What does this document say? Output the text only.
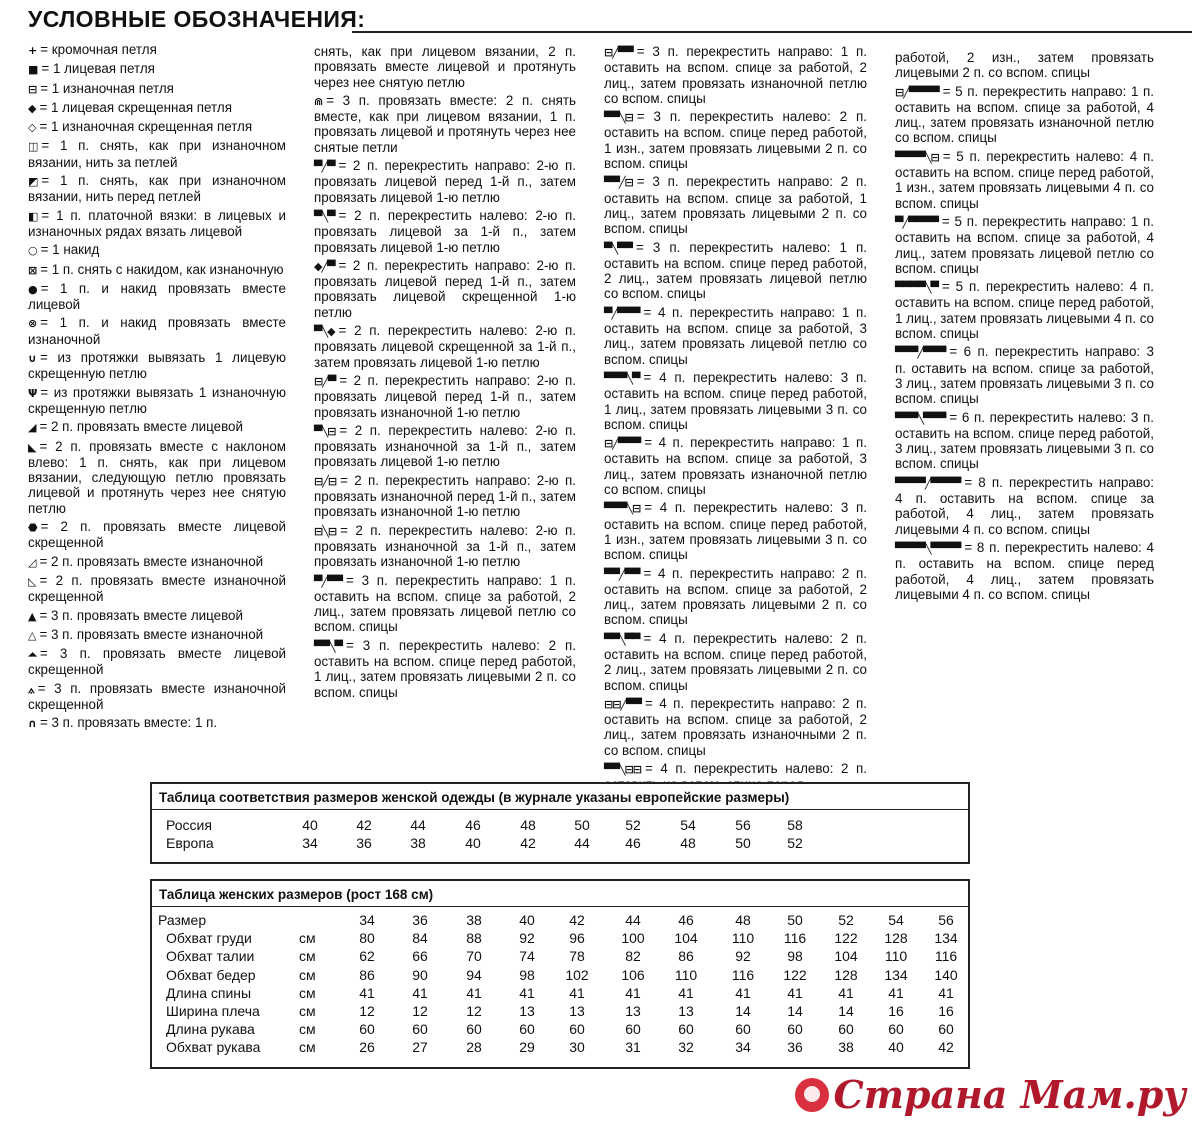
УСЛОВНЫЕ ОБОЗНАЧЕНИЯ:
+ = кромочная петля
■ = 1 лицевая петля
⊟ = 1 изнаночная петля
◆ = 1 лицевая скрещенная петля
◇ = 1 изнаночная скрещенная петля
◫ = 1 п. снять, как при изнаночном вязании, нить за петлей
◩ = 1 п. снять, как при изнаночном вязании, нить перед петлей
◧ = 1 п. платочной вязки: в лицевых и изнаночных рядах вязать лицевой
○ = 1 накид
⊠ = 1 п. снять с накидом, как изнаночную
● = 1 п. и накид провязать вместе лицевой
⊗ = 1 п. и накид провязать вместе изнаночной
∪ = из протяжки вывязать 1 лицевую скрещенную петлю
Ψ = из протяжки вывязать 1 изнаночную скрещенную петлю
◢ = 2 п. провязать вместе лицевой
◣ = 2 п. провязать вместе с наклоном влево: 1 п. снять, как при лицевом вязании, следующую петлю провязать лицевой и протянуть через нее снятую петлю
⬣ = 2 п. провязать вместе лицевой скрещенной
◿ = 2 п. провязать вместе изнаночной
◺ = 2 п. провязать вместе изнаночной скрещенной
▲ = 3 п. провязать вместе лицевой
△ = 3 п. провязать вместе изнаночной
⏶ = 3 п. провязать вместе лицевой скрещенной
⟑ = 3 п. провязать вместе изнаночной скрещенной
∩ = 3 п. провязать вместе: 1 п.
снять, как при лицевом вязании, 2 п. провязать вместе лицевой и протянуть через нее снятую петлю
⋒ = 3 п. провязать вместе: 2 п. снять вместе, как при лицевом вязании, 1 п. провязать лицевой и протянуть через нее снятые петли
▀╱▀ = 2 п. перекрестить направо: 2-ю п. провязать лицевой перед 1-й п., затем провязать лицевой 1-ю петлю
▀╲▀ = 2 п. перекрестить налево: 2-ю п. провязать лицевой за 1-й п., затем провязать лицевой 1-ю петлю
◆╱▀ = 2 п. перекрестить направо: 2-ю п. провязать лицевой перед 1-й п., затем провязать лицевой скрещенной 1-ю петлю
▀╲◆ = 2 п. перекрестить налево: 2-ю п. провязать лицевой скрещенной за 1-й п., затем провязать лицевой 1-ю петлю
⊟╱▀ = 2 п. перекрестить направо: 2-ю п. провязать лицевой перед 1-й п., затем провязать изнаночной 1-ю петлю
▀╲⊟ = 2 п. перекрестить налево: 2-ю п. провязать изнаночной за 1-й п., затем провязать лицевой 1-ю петлю
⊟╱⊟ = 2 п. перекрестить направо: 2-ю п. провязать изнаночной перед 1-й п., затем провязать изнаночной 1-ю петлю
⊟╲⊟ = 2 п. перекрестить налево: 2-ю п. провязать изнаночной за 1-й п., затем провязать изнаночной 1-ю петлю
▀╱▀▀ = 3 п. перекрестить направо: 1 п. оставить на вспом. спице за работой, 2 лиц., затем провязать лицевой петлю со вспом. спицы
▀▀╲▀ = 3 п. перекрестить налево: 2 п. оставить на вспом. спице перед работой, 1 лиц., затем провязать лицевыми 2 п. со вспом. спицы
⊟╱▀▀ = 3 п. перекрестить направо: 1 п. оставить на вспом. спице за работой, 2 лиц., затем провязать изнаночной петлю со вспом. спицы
▀▀╲⊟ = 3 п. перекрестить налево: 2 п. оставить на вспом. спице перед работой, 1 изн., затем провязать лицевыми 2 п. со вспом. спицы
▀▀╱⊟ = 3 п. перекрестить направо: 2 п. оставить на вспом. спице за работой, 1 лиц., затем провязать лицевыми 2 п. со вспом. спицы
▀╲▀▀ = 3 п. перекрестить налево: 1 п. оставить на вспом. спице перед работой, 2 лиц., затем провязать лицевой петлю со вспом. спицы
▀╱▀▀▀ = 4 п. перекрестить направо: 1 п. оставить на вспом. спице за работой, 3 лиц., затем провязать лицевой петлю со вспом. спицы
▀▀▀╲▀ = 4 п. перекрестить налево: 3 п. оставить на вспом. спице перед работой, 1 лиц., затем провязать лицевыми 3 п. со вспом. спицы
⊟╱▀▀▀ = 4 п. перекрестить направо: 1 п. оставить на вспом. спице за работой, 3 лиц., затем провязать изнаночной петлю со вспом. спицы
▀▀▀╲⊟ = 4 п. перекрестить налево: 3 п. оставить на вспом. спице перед работой, 1 изн., затем провязать лицевыми 3 п. со вспом. спицы
▀▀╱▀▀ = 4 п. перекрестить направо: 2 п. оставить на вспом. спице за работой, 2 лиц., затем провязать лицевыми 2 п. со вспом. спицы
▀▀╲▀▀ = 4 п. перекрестить налево: 2 п. оставить на вспом. спице перед работой, 2 лиц., затем провязать лицевыми 2 п. со вспом. спицы
⊟⊟╱▀▀ = 4 п. перекрестить направо: 2 п. оставить на вспом. спице за работой, 2 лиц., затем провязать изнаночными 2 п. со вспом. спицы
▀▀╲⊟⊟ = 4 п. перекрестить налево: 2 п.
работой, 2 изн., затем провязать лицевыми 2 п. со вспом. спицы
⊟╱▀▀▀▀ = 5 п. перекрестить направо: 1 п. оставить на вспом. спице за работой, 4 лиц., затем провязать изнаночной петлю со вспом. спицы
▀▀▀▀╲⊟ = 5 п. перекрестить налево: 4 п. оставить на вспом. спице перед работой, 1 изн., затем провязать лицевыми 4 п. со вспом. спицы
▀╱▀▀▀▀ = 5 п. перекрестить направо: 1 п. оставить на вспом. спице за работой, 4 лиц., затем провязать лицевой петлю со вспом. спицы
▀▀▀▀╲▀ = 5 п. перекрестить налево: 4 п. оставить на вспом. спице перед работой, 1 лиц., затем провязать лицевыми 4 п. со вспом. спицы
▀▀▀╱▀▀▀ = 6 п. перекрестить направо: 3 п. оставить на вспом. спице за работой, 3 лиц., затем провязать лицевыми 3 п. со вспом. спицы
▀▀▀╲▀▀▀ = 6 п. перекрестить налево: 3 п. оставить на вспом. спице перед работой, 3 лиц., затем провязать лицевыми 3 п. со вспом. спицы
▀▀▀▀╱▀▀▀▀ = 8 п. перекрестить направо: 4 п. оставить на вспом. спице за работой, 4 лиц., затем провязать лицевыми 4 п. со вспом. спицы
▀▀▀▀╲▀▀▀▀ = 8 п. перекрестить налево: 4 п. оставить на вспом. спице перед работой, 4 лиц., затем провязать лицевыми 4 п. со вспом. спицы
Таблица соответствия размеров женской одежды (в журнале указаны европейские размеры)
Россия	40	42	44	46	48	50	52	54	56	58
Европа	34	36	38	40	42	44	46	48	50	52
Таблица женских размеров (рост 168 см)
Размер	34	36	38	40	42	44	46	48	50	52	54	56
Обхват груди	см	80	84	88	92	96	100	104	110	116	122	128	134
Обхват талии	см	62	66	70	74	78	82	86	92	98	104	110	116
Обхват бедер	см	86	90	94	98	102	106	110	116	122	128	134	140
Длина спины	см	41	41	41	41	41	41	41	41	41	41	41	41
Ширина плеча	см	12	12	12	13	13	13	13	14	14	14	16	16
Длина рукава	см	60	60	60	60	60	60	60	60	60	60	60	60
Обхват рукава	см	26	27	28	29	30	31	32	34	36	38	40	42
Страна Мам.ру
